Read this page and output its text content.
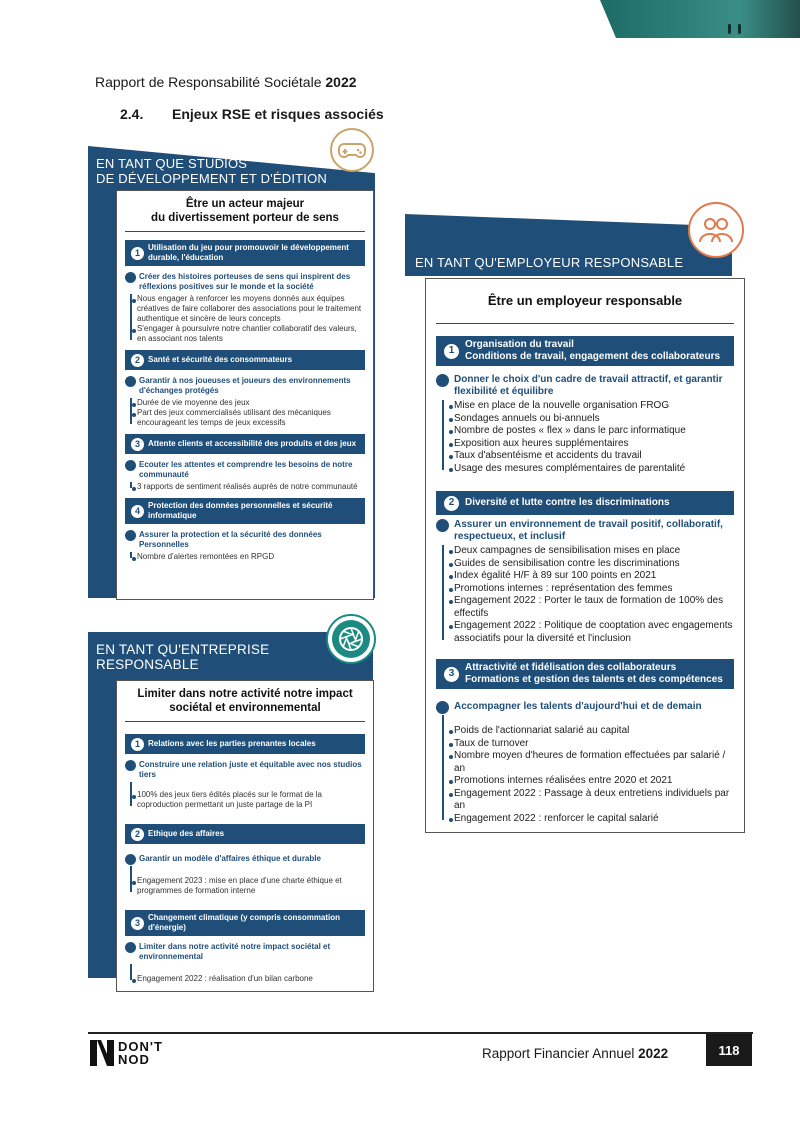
Rapport de Responsabilité Sociétale 2022
2.4. Enjeux RSE et risques associés
EN TANT QUE STUDIOS
DE DÉVELOPPEMENT ET D'ÉDITION
Être un acteur majeur
du divertissement porteur de sens
1
Utilisation du jeu pour promouvoir le développement durable, l'éducation
Créer des histoires porteuses de sens qui inspirent des réflexions positives sur le monde et la société
Nous engager à renforcer les moyens donnés aux équipes créatives de faire collaborer des associations pour le traitement authentique et sincère de leurs concepts
S'engager à poursuivre notre chantier collaboratif des valeurs, en associant nos talents
2	Santé et sécurité des consommateurs
Garantir à nos joueuses et joueurs des environnements d'échanges protégés
Durée de vie moyenne des jeux
Part des jeux commercialisés utilisant des mécaniques encourageant les temps de jeux excessifs
3	Attente clients et accessibilité des produits et des jeux
Ecouter les attentes et comprendre les besoins de notre communauté
3 rapports de sentiment réalisés auprès de notre communauté
4
Protection des données personnelles et sécurité informatique
Assurer la protection et la sécurité des données Personnelles
Nombre d'alertes remontées en RPGD
EN TANT QU'ENTREPRISE
RESPONSABLE
Limiter dans notre activité notre impact
sociétal et environnemental
1	Relations avec les parties prenantes locales
Construire une relation juste et équitable avec nos studios tiers
100% des jeux tiers édités placés sur le format de la coproduction permettant un juste partage de la PI
2	Ethique des affaires
Garantir un modèle d'affaires éthique et durable
Engagement 2023 : mise en place d'une charte éthique et programmes de formation interne
3
Changement climatique (y compris consommation d'énergie)
Limiter dans notre activité notre impact sociétal et environnemental
Engagement 2022 : réalisation d'un bilan carbone
EN TANT QU'EMPLOYEUR RESPONSABLE
Être un employeur responsable
1
Organisation du travail
Conditions de travail, engagement des collaborateurs
Donner le choix d'un cadre de travail attractif, et garantir flexibilité et équilibre
Mise en place de la nouvelle organisation FROG
Sondages annuels ou bi-annuels
Nombre de postes « flex » dans le parc informatique
Exposition aux heures supplémentaires
Taux d'absentéisme et accidents du travail
Usage des mesures complémentaires de parentalité
2	Diversité et lutte contre les discriminations
Assurer un environnement de travail positif, collaboratif, respectueux, et inclusif
Deux campagnes de sensibilisation mises en place
Guides de sensibilisation contre les discriminations
Index égalité H/F à 89 sur 100 points en 2021
Promotions internes : représentation des femmes
Engagement 2022 : Porter le taux de formation de 100% des effectifs
Engagement 2022 : Politique de cooptation avec engagements associatifs pour la diversité et l'inclusion
3
Attractivité et fidélisation des collaborateurs
Formations et gestion des talents et des compétences
Accompagner les talents d'aujourd'hui et de demain
Poids de l'actionnariat salarié au capital
Taux de turnover
Nombre moyen d'heures de formation effectuées par salarié / an
Promotions internes réalisées entre 2020 et 2021
Engagement 2022 : Passage à deux entretiens individuels par an
Engagement 2022 : renforcer le capital salarié
DON'T
NOD	Rapport Financier Annuel 2022	118
